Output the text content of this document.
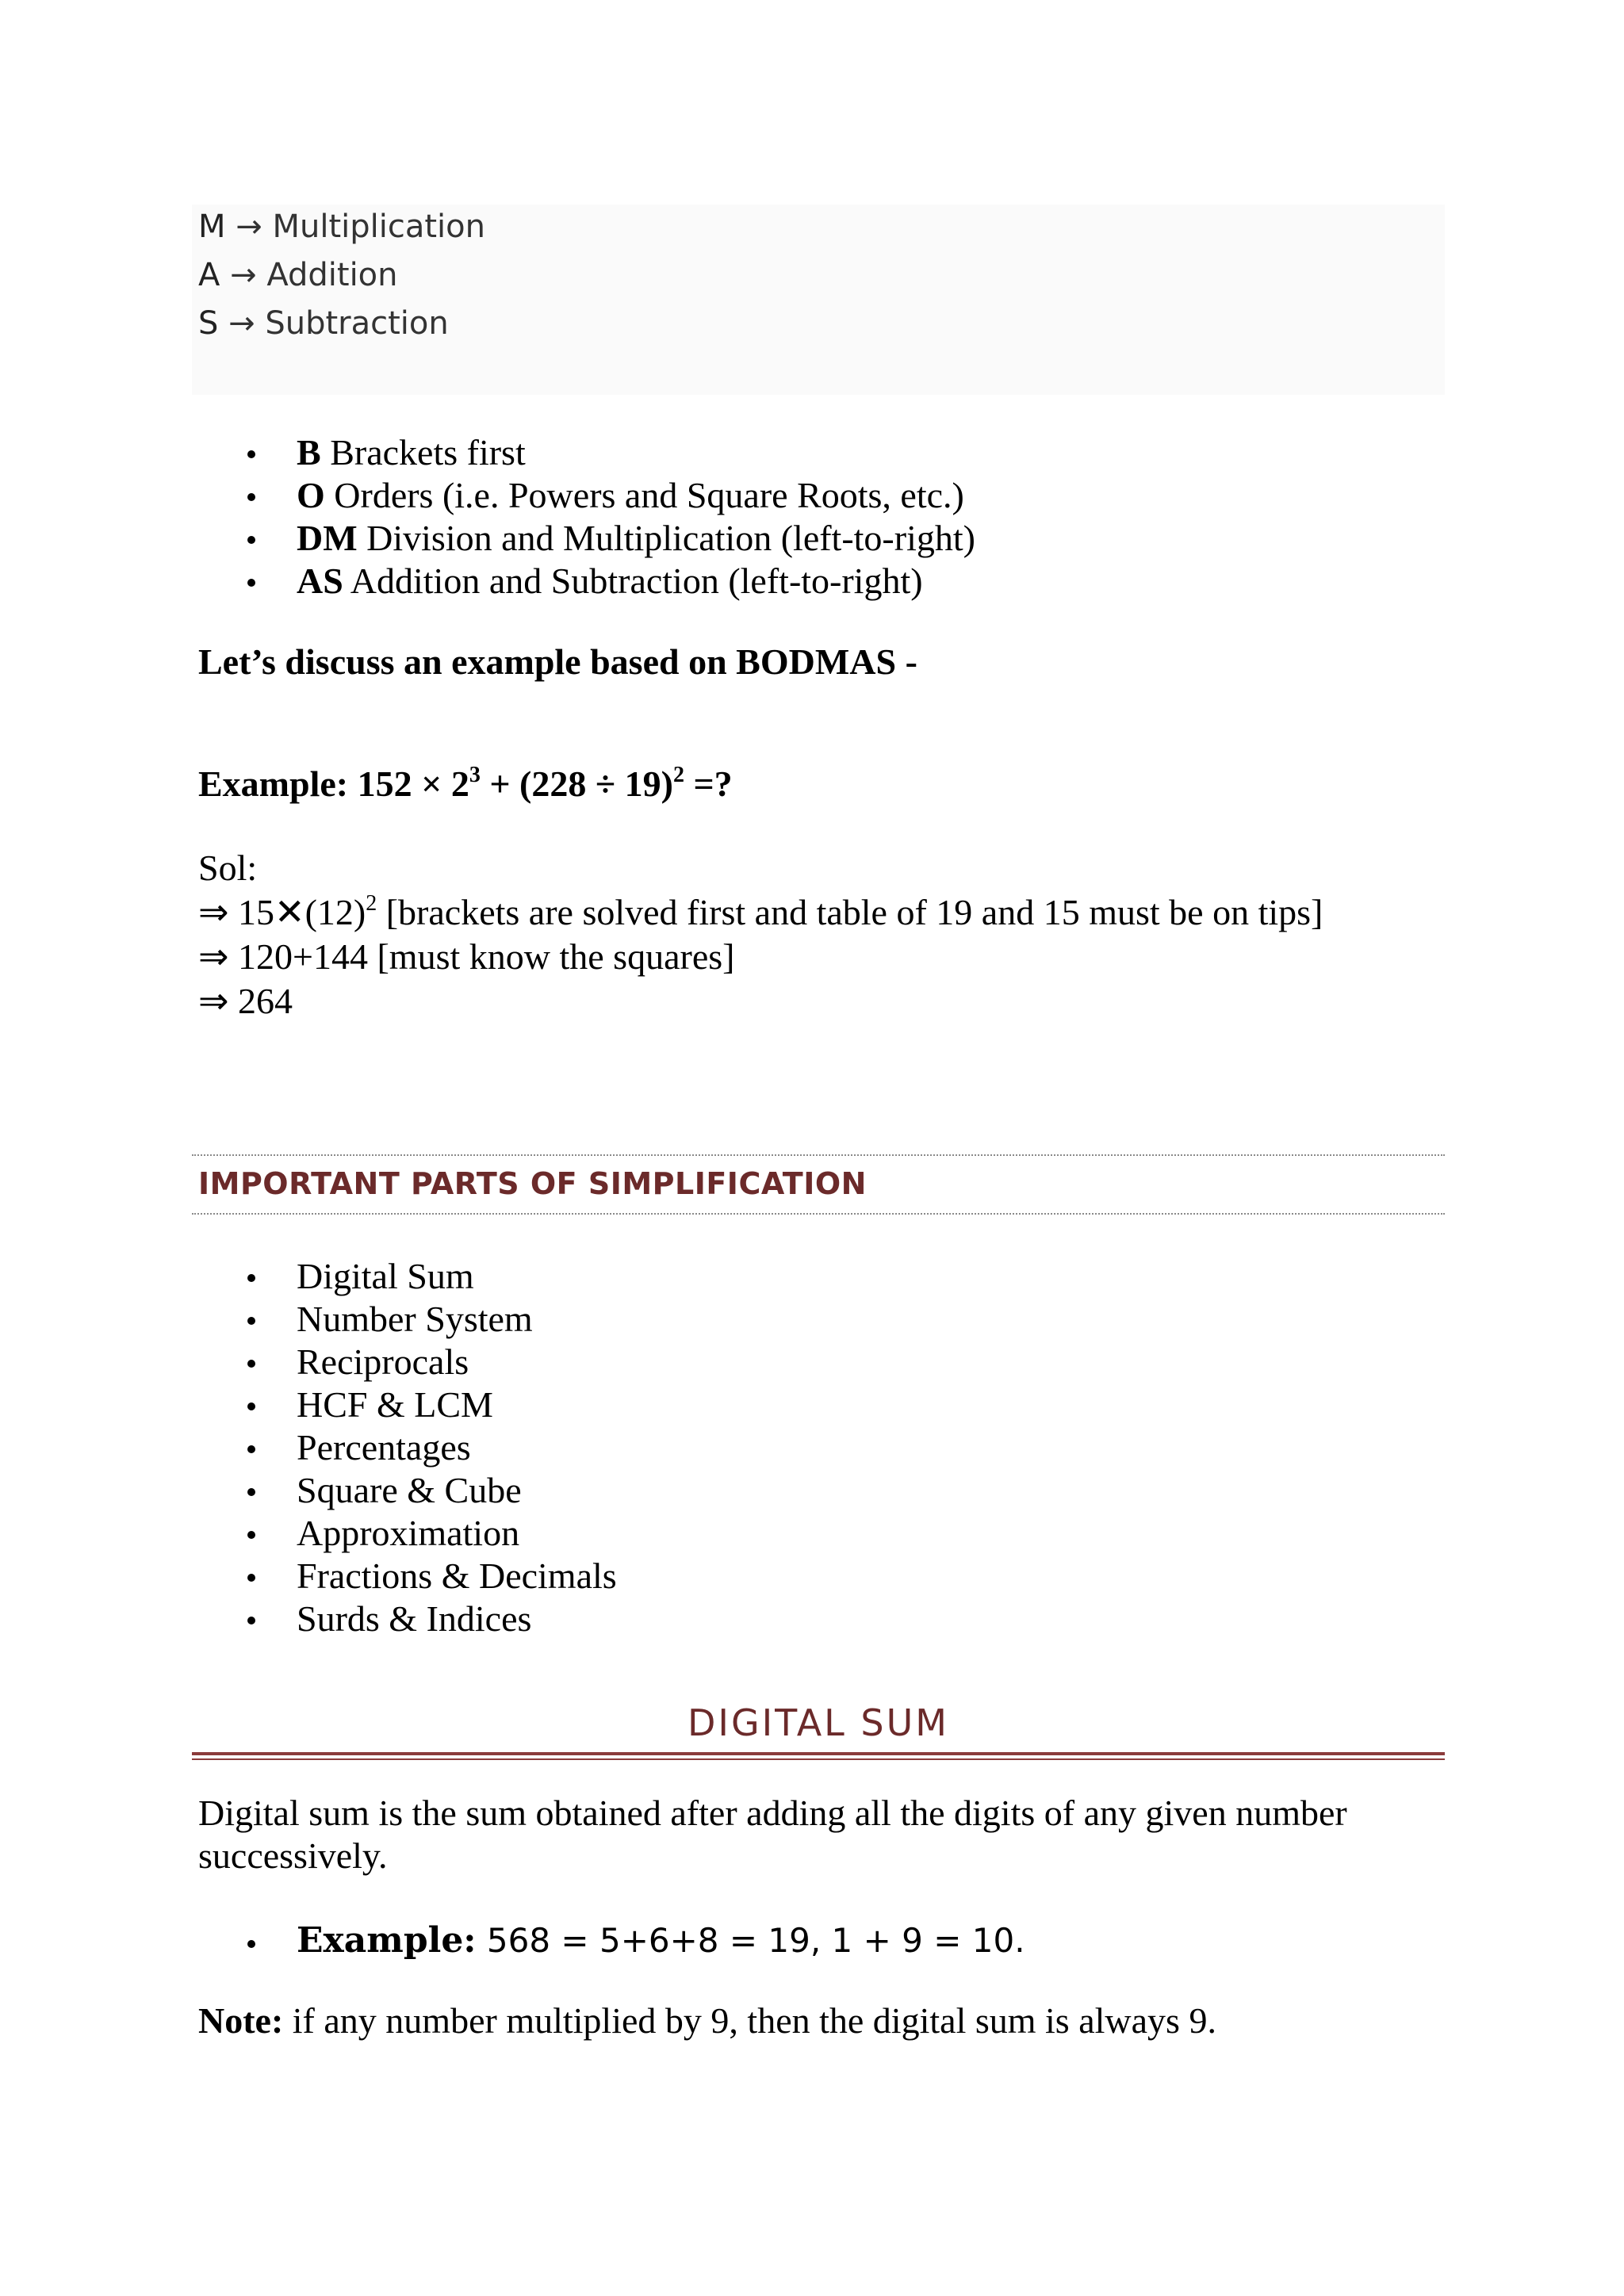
M → Multiplication
A → Addition
S → Subtraction
B Brackets first
O Orders (i.e. Powers and Square Roots, etc.)
DM Division and Multiplication (left-to-right)
AS Addition and Subtraction (left-to-right)
Let’s discuss an example based on BODMAS -
Example: $152 \times 2^3 + (228 \div 19)^2$ =?
Sol:
⇒ $15✕(12)^2$ [brackets are solved first and table of 19 and 15 must be on tips]
⇒ 120+144 [must know the squares]
⇒ 264
IMPORTANT PARTS OF SIMPLIFICATION
Digital Sum
Number System
Reciprocals
HCF & LCM
Percentages
Square & Cube
Approximation
Fractions & Decimals
Surds & Indices
DIGITAL SUM
Digital sum is the sum obtained after adding all the digits of any given number
successively.
Example: 568 = 5+6+8 = 19, 1 + 9 = 10.
Note: if any number multiplied by 9, then the digital sum is always 9.
